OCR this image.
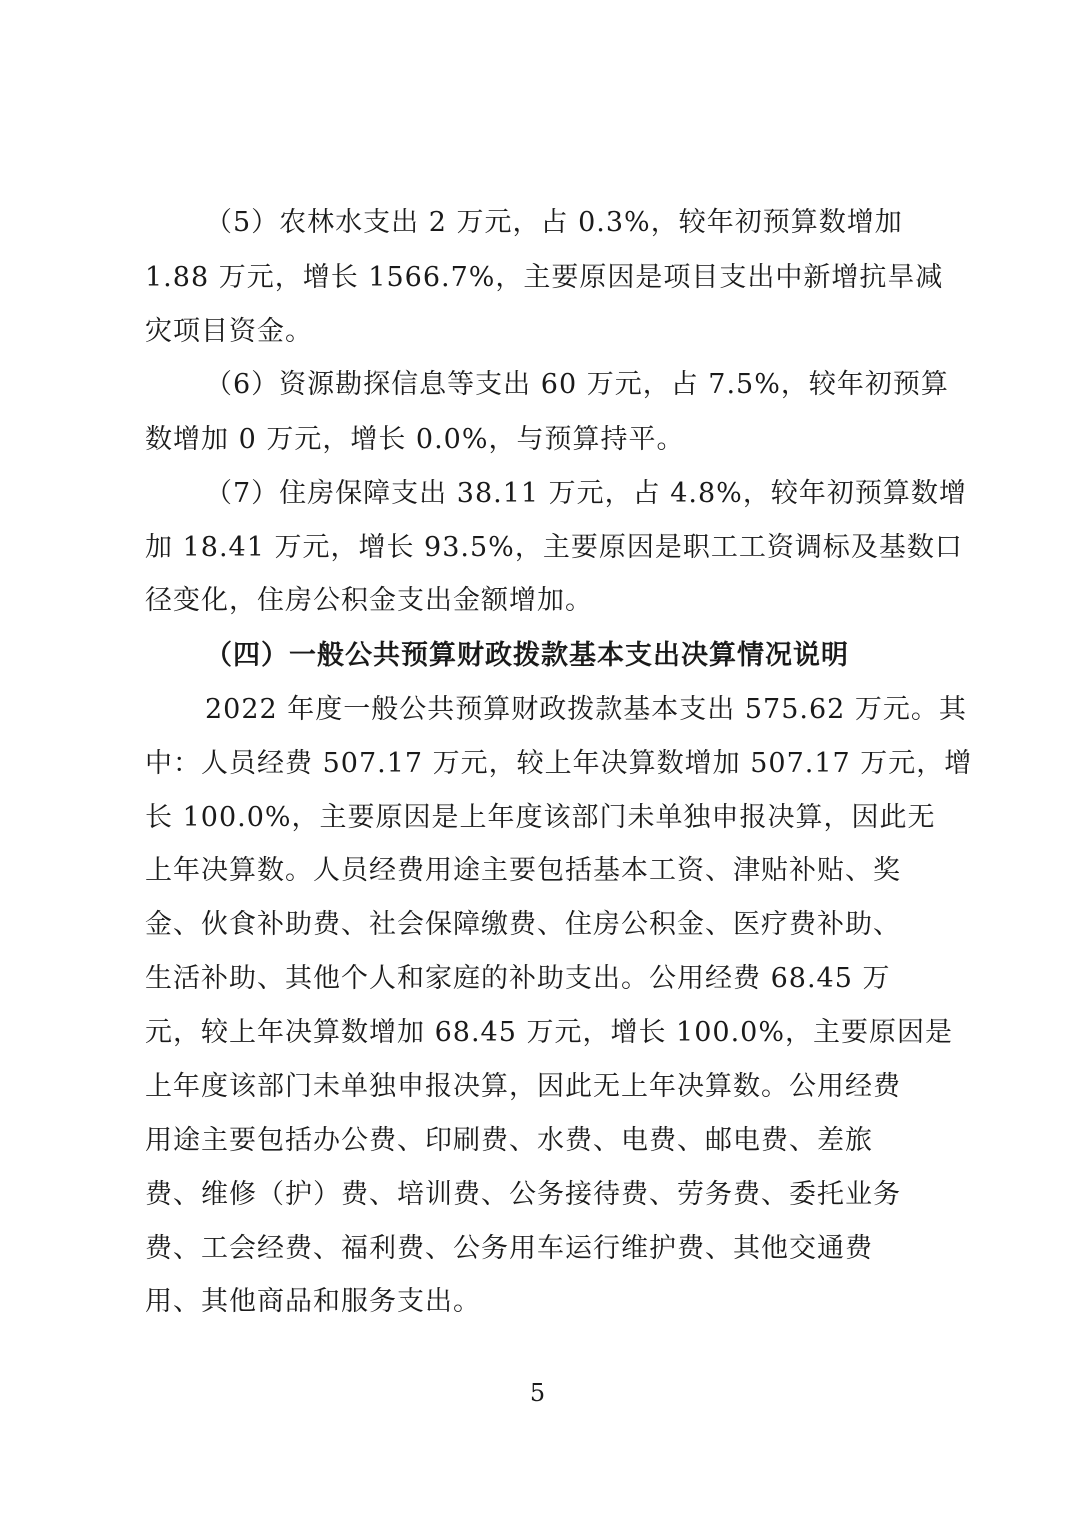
（5）农林水支出 2 万元，占 0.3%，较年初预算数增加
1.88 万元，增长 1566.7%，主要原因是项目支出中新增抗旱减
灾项目资金。
（6）资源勘探信息等支出 60 万元，占 7.5%，较年初预算
数增加 0 万元，增长 0.0%，与预算持平。
（7）住房保障支出 38.11 万元，占 4.8%，较年初预算数增
加 18.41 万元，增长 93.5%，主要原因是职工工资调标及基数口
径变化，住房公积金支出金额增加。
（四）一般公共预算财政拨款基本支出决算情况说明
2022 年度一般公共预算财政拨款基本支出 575.62 万元。其
中：人员经费 507.17 万元，较上年决算数增加 507.17 万元，增
长 100.0%，主要原因是上年度该部门未单独申报决算，因此无
上年决算数。人员经费用途主要包括基本工资、津贴补贴、奖
金、伙食补助费、社会保障缴费、住房公积金、医疗费补助、
生活补助、其他个人和家庭的补助支出。公用经费 68.45 万
元，较上年决算数增加 68.45 万元，增长 100.0%，主要原因是
上年度该部门未单独申报决算，因此无上年决算数。公用经费
用途主要包括办公费、印刷费、水费、电费、邮电费、差旅
费、维修（护）费、培训费、公务接待费、劳务费、委托业务
费、工会经费、福利费、公务用车运行维护费、其他交通费
用、其他商品和服务支出。
5
